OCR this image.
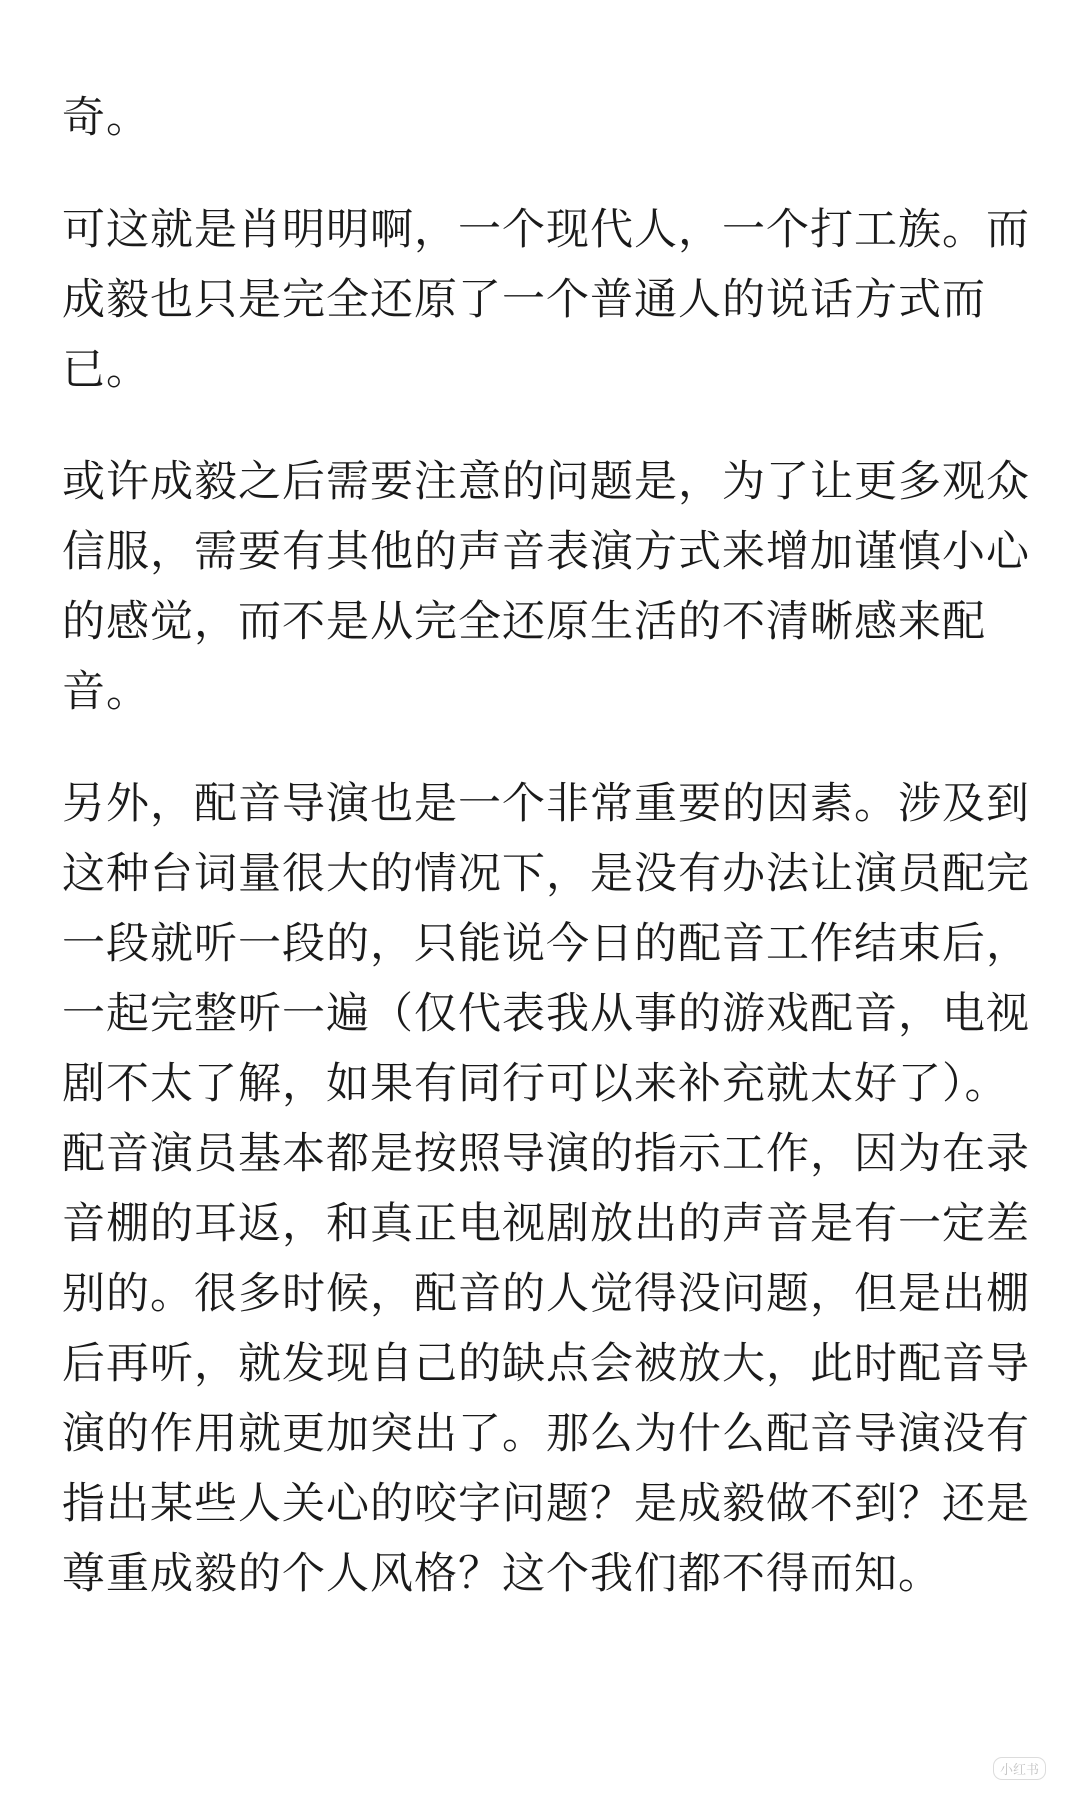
奇。
可这就是肖明明啊，一个现代人，一个打工族。而
成毅也只是完全还原了一个普通人的说话方式而
已。
或许成毅之后需要注意的问题是，为了让更多观众
信服，需要有其他的声音表演方式来增加谨慎小心
的感觉，而不是从完全还原生活的不清晰感来配
音。
另外，配音导演也是一个非常重要的因素。涉及到
这种台词量很大的情况下，是没有办法让演员配完
一段就听一段的，只能说今日的配音工作结束后，
一起完整听一遍（仅代表我从事的游戏配音，电视
剧不太了解，如果有同行可以来补充就太好了）。
配音演员基本都是按照导演的指示工作，因为在录
音棚的耳返，和真正电视剧放出的声音是有一定差
别的。很多时候，配音的人觉得没问题，但是出棚
后再听，就发现自己的缺点会被放大，此时配音导
演的作用就更加突出了。那么为什么配音导演没有
指出某些人关心的咬字问题？是成毅做不到？还是
尊重成毅的个人风格？这个我们都不得而知。
小红书
